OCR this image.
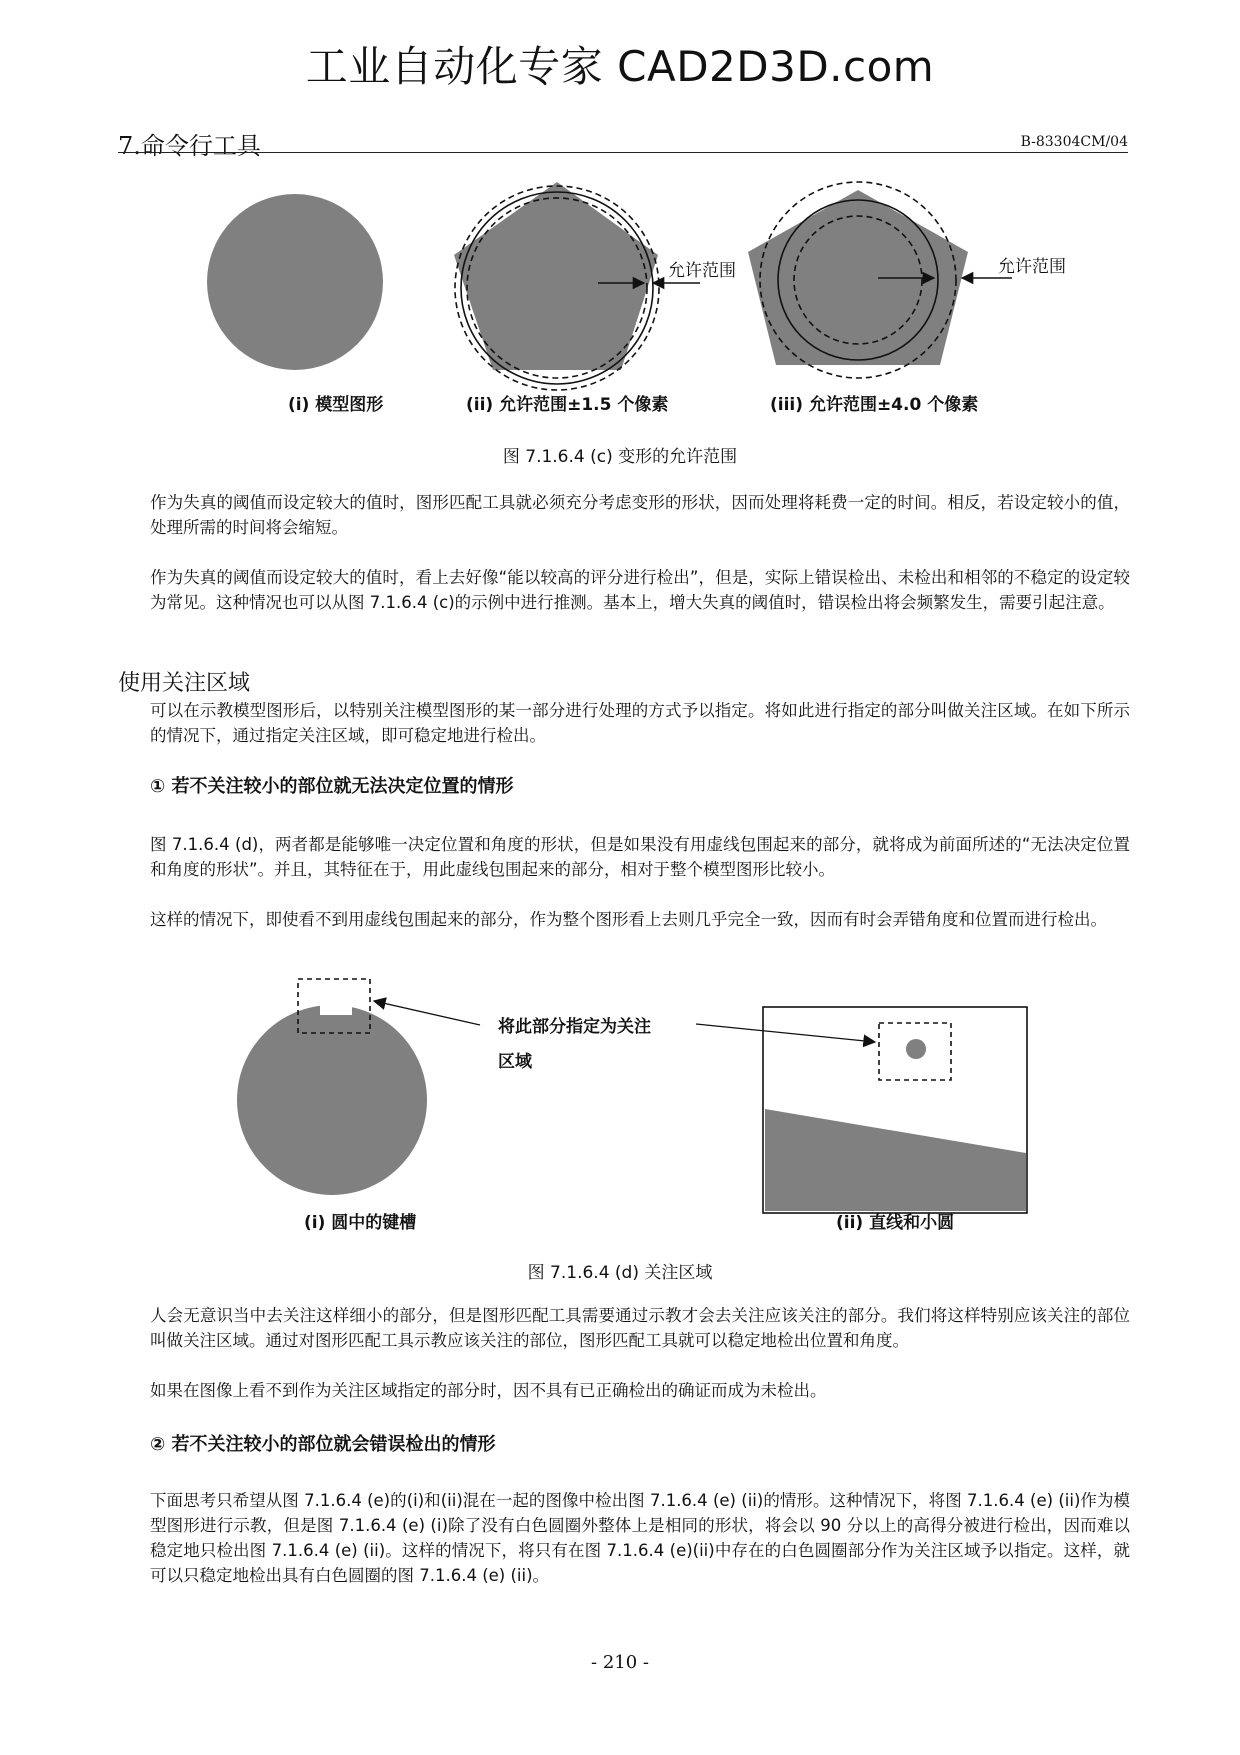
工业自动化专家 CAD2D3D.com
7.命令行工具	B-83304CM/04
允许范围	允许范围
(i) 模型图形	(ii) 允许范围±1.5 个像素	(iii) 允许范围±4.0 个像素
图 7.1.6.4 (c) 变形的允许范围
作为失真的阈值而设定较大的值时，图形匹配工具就必须充分考虑变形的形状，因而处理将耗费一定的时间。相反，若设定较小的值，处理所需的时间将会缩短。
作为失真的阈值而设定较大的值时，看上去好像“能以较高的评分进行检出”，但是，实际上错误检出、未检出和相邻的不稳定的设定较为常见。这种情况也可以从图 7.1.6.4 (c)的示例中进行推测。基本上，增大失真的阈值时，错误检出将会频繁发生，需要引起注意。
使用关注区域
可以在示教模型图形后，以特别关注模型图形的某一部分进行处理的方式予以指定。将如此进行指定的部分叫做关注区域。在如下所示的情况下，通过指定关注区域，即可稳定地进行检出。
① 若不关注较小的部位就无法决定位置的情形
图 7.1.6.4 (d)，两者都是能够唯一决定位置和角度的形状，但是如果没有用虚线包围起来的部分，就将成为前面所述的“无法决定位置和角度的形状”。并且，其特征在于，用此虚线包围起来的部分，相对于整个模型图形比较小。
这样的情况下，即使看不到用虚线包围起来的部分，作为整个图形看上去则几乎完全一致，因而有时会弄错角度和位置而进行检出。
将此部分指定为关注
区域
(i) 圆中的键槽	(ii) 直线和小圆
图 7.1.6.4 (d) 关注区域
人会无意识当中去关注这样细小的部分，但是图形匹配工具需要通过示教才会去关注应该关注的部分。我们将这样特别应该关注的部位叫做关注区域。通过对图形匹配工具示教应该关注的部位，图形匹配工具就可以稳定地检出位置和角度。
如果在图像上看不到作为关注区域指定的部分时，因不具有已正确检出的确证而成为未检出。
② 若不关注较小的部位就会错误检出的情形
下面思考只希望从图 7.1.6.4 (e)的(i)和(ii)混在一起的图像中检出图 7.1.6.4 (e) (ii)的情形。这种情况下，将图 7.1.6.4 (e) (ii)作为模型图形进行示教，但是图 7.1.6.4 (e) (i)除了没有白色圆圈外整体上是相同的形状，将会以 90 分以上的高得分被进行检出，因而难以稳定地只检出图 7.1.6.4 (e) (ii)。这样的情况下，将只有在图 7.1.6.4 (e)(ii)中存在的白色圆圈部分作为关注区域予以指定。这样，就可以只稳定地检出具有白色圆圈的图 7.1.6.4 (e) (ii)。
- 210 -
